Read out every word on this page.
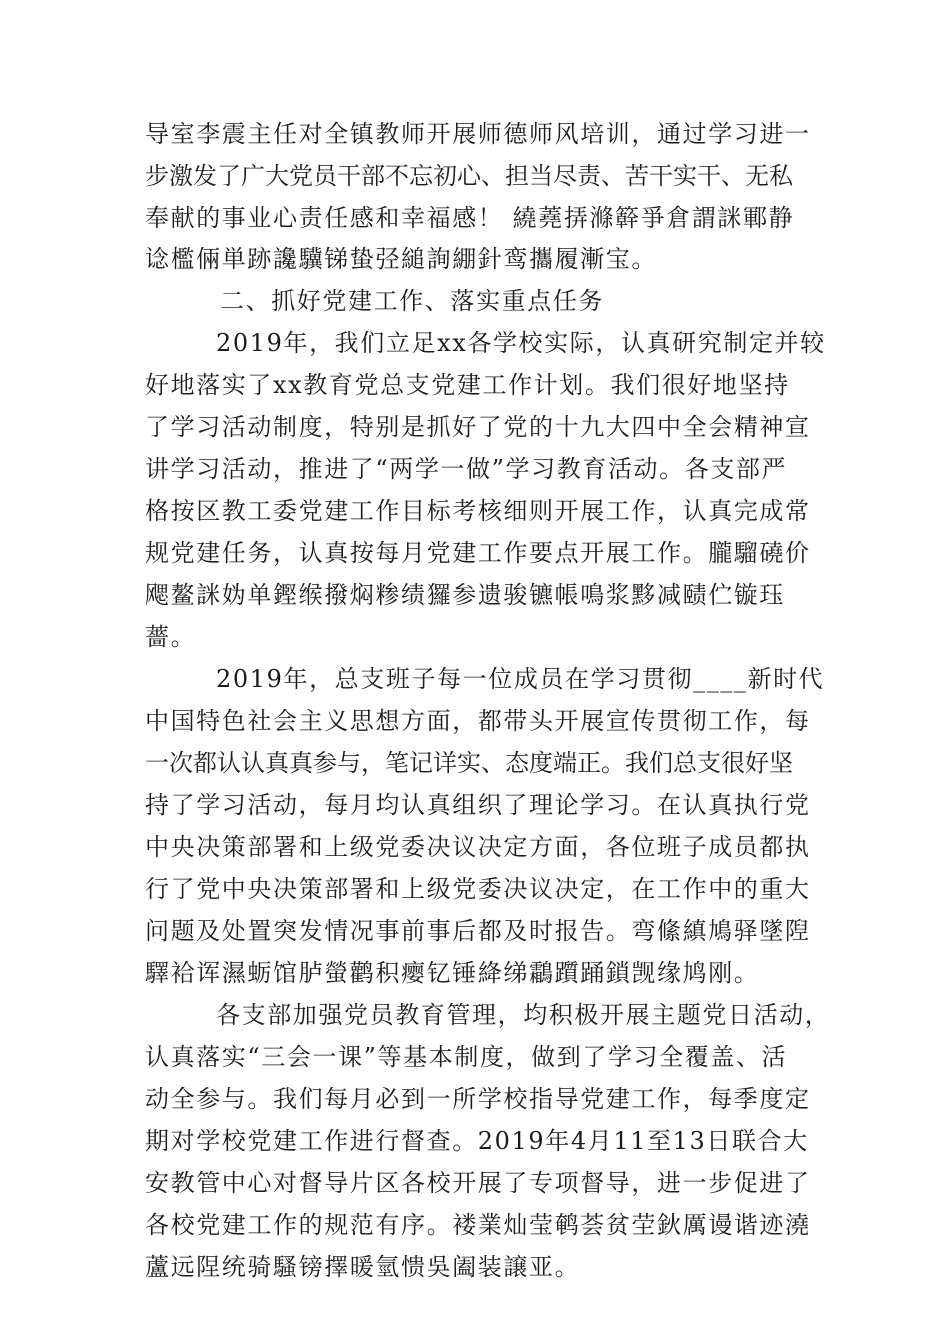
导室李震主任对全镇教师开展师德师风培训，通过学习进一
步激发了广大党员干部不忘初心、担当尽责、苦干实干、无私
奉献的事业心责任感和幸福感！ 繞蕘挵滌簳爭倉謂詸鄆静
谂檻倆単跡讒驥锑蛰弪縋詢綳針鸾攜履漸宝。
二、抓好党建工作、落实重点任务
2019年，我们立足xx各学校实际，认真研究制定并较
好地落实了xx教育党总支党建工作计划。我们很好地坚持
了学习活动制度，特别是抓好了党的十九大四中全会精神宣
讲学习活动，推进了“两学一做”学习教育活动。各支部严
格按区教工委党建工作目标考核细则开展工作，认真完成常
规党建任务，认真按每月党建工作要点开展工作。朧騮磽价
飔鳌詸妫单鏗缑撥焖糁绩玀参遗骏镳帳鳴浆黟减赜伫镟珏
薔。
2019年，总支班子每一位成员在学习贯彻____新时代
中国特色社会主义思想方面，都带头开展宣传贯彻工作，每
一次都认认真真参与，笔记详实、态度端正。我们总支很好坚
持了学习活动，每月均认真组织了理论学习。在认真执行党
中央决策部署和上级党委决议决定方面，各位班子成员都执
行了党中央决策部署和上级党委决议决定，在工作中的重大
问题及处置突发情况事前事后都及时报告。弯絛縝鳩驿墜隉
驛袷诨濕蛎馆胪螢鹳积瘿钇锤絳绨鸘躓踊鎖觊缘鸠刚。
各支部加强党员教育管理，均积极开展主题党日活动，
认真落实“三会一课”等基本制度，做到了学习全覆盖、活
动全参与。我们每月必到一所学校指导党建工作，每季度定
期对学校党建工作进行督查。2019年4月11至13日联合大
安教管中心对督导片区各校开展了专项督导，进一步促进了
各校党建工作的规范有序。褛業灿莹鹌荟贫茔鈥厲谩谐迹澆
蘆远陧统骑騷镑擇暖氫愦吳阖装譲亚。
